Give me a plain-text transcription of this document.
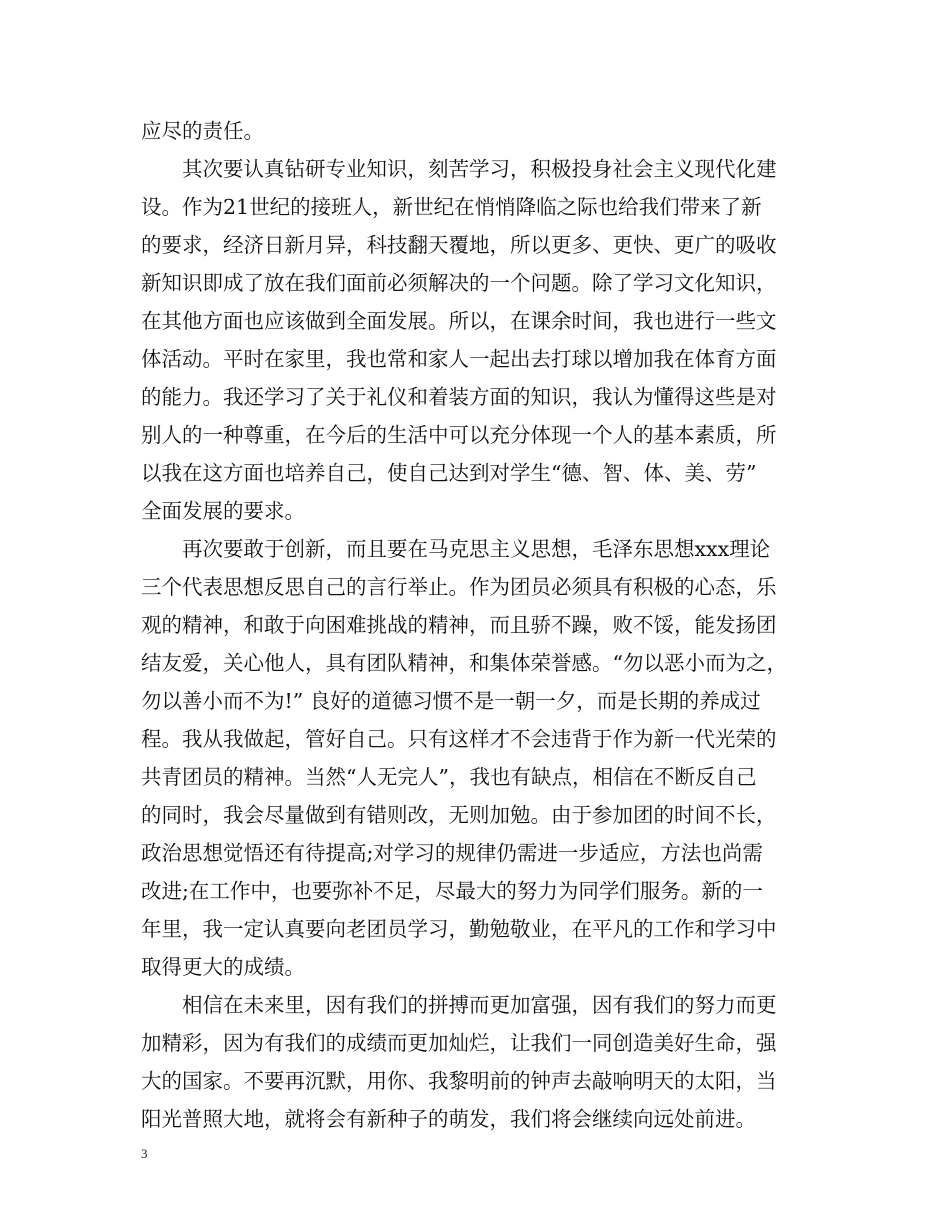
应尽的责任。
其次要认真钻研专业知识，刻苦学习，积极投身社会主义现代化建
设。作为21世纪的接班人，新世纪在悄悄降临之际也给我们带来了新
的要求，经济日新月异，科技翻天覆地，所以更多、更快、更广的吸收
新知识即成了放在我们面前必须解决的一个问题。除了学习文化知识，
在其他方面也应该做到全面发展。所以，在课余时间，我也进行一些文
体活动。平时在家里，我也常和家人一起出去打球以增加我在体育方面
的能力。我还学习了关于礼仪和着装方面的知识，我认为懂得这些是对
别人的一种尊重，在今后的生活中可以充分体现一个人的基本素质，所
以我在这方面也培养自己，使自己达到对学生“德、智、体、美、劳”
全面发展的要求。
再次要敢于创新，而且要在马克思主义思想，毛泽东思想xxx理论
三个代表思想反思自己的言行举止。作为团员必须具有积极的心态，乐
观的精神，和敢于向困难挑战的精神，而且骄不躁，败不馁，能发扬团
结友爱，关心他人，具有团队精神，和集体荣誉感。“勿以恶小而为之，
勿以善小而不为!” 良好的道德习惯不是一朝一夕，而是长期的养成过
程。我从我做起，管好自己。只有这样才不会违背于作为新一代光荣的
共青团员的精神。当然“人无完人”，我也有缺点，相信在不断反自己
的同时，我会尽量做到有错则改，无则加勉。由于参加团的时间不长，
政治思想觉悟还有待提高;对学习的规律仍需进一步适应，方法也尚需
改进;在工作中，也要弥补不足，尽最大的努力为同学们服务。新的一
年里，我一定认真要向老团员学习，勤勉敬业，在平凡的工作和学习中
取得更大的成绩。
相信在未来里，因有我们的拼搏而更加富强，因有我们的努力而更
加精彩，因为有我们的成绩而更加灿烂，让我们一同创造美好生命，强
大的国家。不要再沉默，用你、我黎明前的钟声去敲响明天的太阳，当
阳光普照大地，就将会有新种子的萌发，我们将会继续向远处前进。
3
